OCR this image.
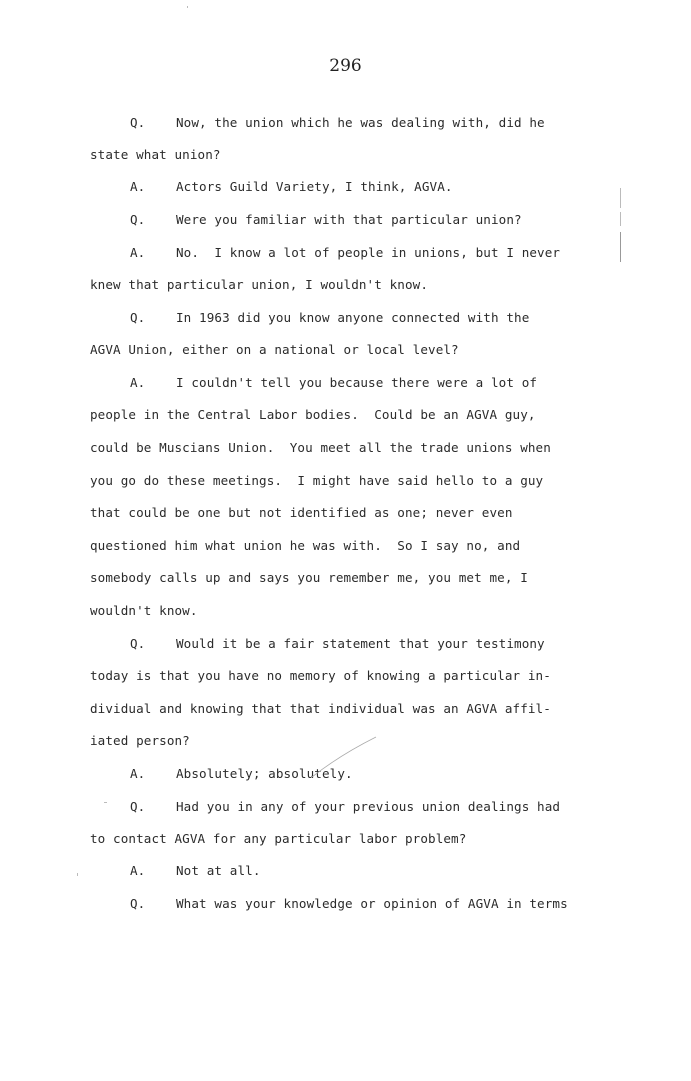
296
Q. Now, the union which he was dealing with, did he
state what union?
A. Actors Guild Variety, I think, AGVA.
Q. Were you familiar with that particular union?
A. No.  I know a lot of people in unions, but I never
knew that particular union, I wouldn't know.
Q. In 1963 did you know anyone connected with the
AGVA Union, either on a national or local level?
A. I couldn't tell you because there were a lot of
people in the Central Labor bodies.  Could be an AGVA guy,
could be Muscians Union.  You meet all the trade unions when
you go do these meetings.  I might have said hello to a guy
that could be one but not identified as one; never even
questioned him what union he was with.  So I say no, and
somebody calls up and says you remember me, you met me, I
wouldn't know.
Q. Would it be a fair statement that your testimony
today is that you have no memory of knowing a particular in-
dividual and knowing that that individual was an AGVA affil-
iated person?
A. Absolutely; absolutely.
Q. Had you in any of your previous union dealings had
to contact AGVA for any particular labor problem?
A. Not at all.
Q. What was your knowledge or opinion of AGVA in terms
